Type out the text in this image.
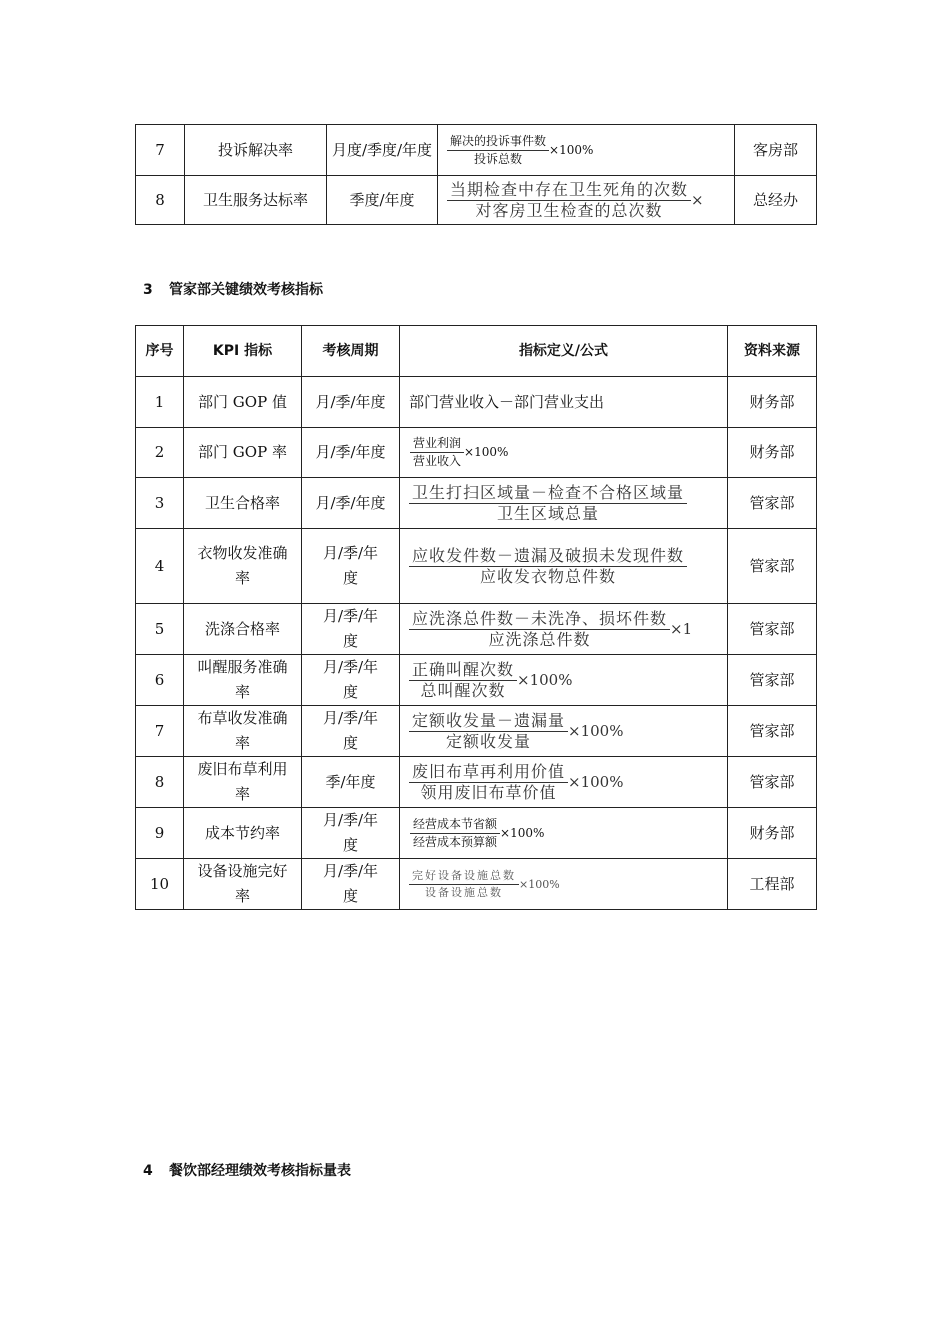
7	投诉解决率	月度/季度/年度	$\frac{\text{解决的投诉事件数}}{\text{投诉总数}} \times 100\%$	客房部
8	卫生服务达标率	季度/年度	$\frac{\text{当期检查中存在卫生死角的次数}}{\text{对客房卫生检查的总次数}}$ ×	总经办
3 管家部关键绩效考核指标
序号	KPI 指标	考核周期	指标定义/公式	资料来源
1	部门 GOP 值	月/季/年度	部门营业收入－部门营业支出	财务部
2	部门 GOP 率	月/季/年度	$\frac{\text{营业利润}}{\text{营业收入}} \times 100\%$	财务部
3	卫生合格率	月/季/年度	$\frac{\text{卫生打扫区域量－检查不合格区域量}}{\text{卫生区域总量}}$	管家部
4	衣物收发准确率	月/季/年度	$\frac{\text{应收发件数－遗漏及破损未发现件数}}{\text{应收发衣物总件数}}$	管家部
5	洗涤合格率	月/季/年度	$\frac{\text{应洗涤总件数－未洗净、损坏件数}}{\text{应洗涤总件数}} \times 1$	管家部
6	叫醒服务准确率	月/季/年度	$\frac{\text{正确叫醒次数}}{\text{总叫醒次数}} \times 100\%$	管家部
7	布草收发准确率	月/季/年度	$\frac{\text{定额收发量－遗漏量}}{\text{定额收发量}} \times 100\%$	管家部
8	废旧布草利用率	季/年度	$\frac{\text{废旧布草再利用价值}}{\text{领用废旧布草价值}} \times 100\%$	管家部
9	成本节约率	月/季/年度	$\frac{\text{经营成本节省额}}{\text{经营成本预算额}} \times 100\%$	财务部
10	设备设施完好率	月/季/年度	$\frac{\text{完好设备设施总数}}{\text{设备设施总数}} \times 100\%$	工程部
4 餐饮部经理绩效考核指标量表
